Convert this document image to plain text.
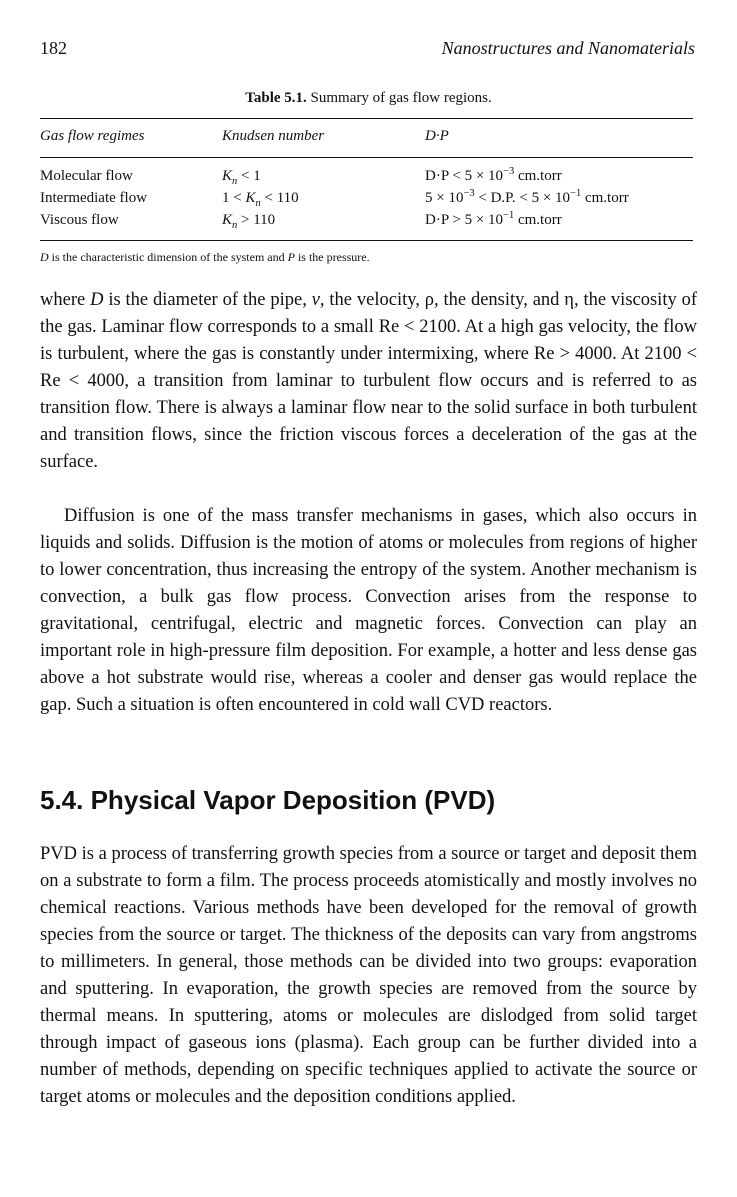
182	Nanostructures and Nanomaterials
Table 5.1. Summary of gas flow regions.
Gas flow regimes	Knudsen number	D·P
Molecular flow	$K_n < 1$	$D\cdot P < 5 \times 10^{-3}$ cm.torr
Intermediate flow	$1 < K_n < 110$	$5 \times 10^{-3} < D.P$. < $5 \times 10^{-1}$ cm.torr
Viscous flow	$K_n > 110$	$D\cdot P > 5 \times 10^{-1}$ cm.torr
D is the characteristic dimension of the system and P is the pressure.

where D is the diameter of the pipe, v, the velocity, ρ, the density, and η, the viscosity of the gas. Laminar flow corresponds to a small Re < 2100. At a high gas velocity, the flow is turbulent, where the gas is constantly under intermixing, where Re > 4000. At 2100 < Re < 4000, a transition from laminar to turbulent flow occurs and is referred to as transition flow. There is always a laminar flow near to the solid surface in both turbulent and transition flows, since the friction viscous forces a deceleration of the gas at the surface.

Diffusion is one of the mass transfer mechanisms in gases, which also occurs in liquids and solids. Diffusion is the motion of atoms or molecules from regions of higher to lower concentration, thus increasing the entropy of the system. Another mechanism is convection, a bulk gas flow process. Convection arises from the response to gravitational, centrifugal, electric and magnetic forces. Convection can play an important role in high-pressure film deposition. For example, a hotter and less dense gas above a hot substrate would rise, whereas a cooler and denser gas would replace the gap. Such a situation is often encountered in cold wall CVD reactors.

5.4. Physical Vapor Deposition (PVD)

PVD is a process of transferring growth species from a source or target and deposit them on a substrate to form a film. The process proceeds atomistically and mostly involves no chemical reactions. Various methods have been developed for the removal of growth species from the source or target. The thickness of the deposits can vary from angstroms to millimeters. In general, those methods can be divided into two groups: evaporation and sputtering. In evaporation, the growth species are removed from the source by thermal means. In sputtering, atoms or molecules are dislodged from solid target through impact of gaseous ions (plasma). Each group can be further divided into a number of methods, depending on specific techniques applied to activate the source or target atoms or molecules and the deposition conditions applied.
